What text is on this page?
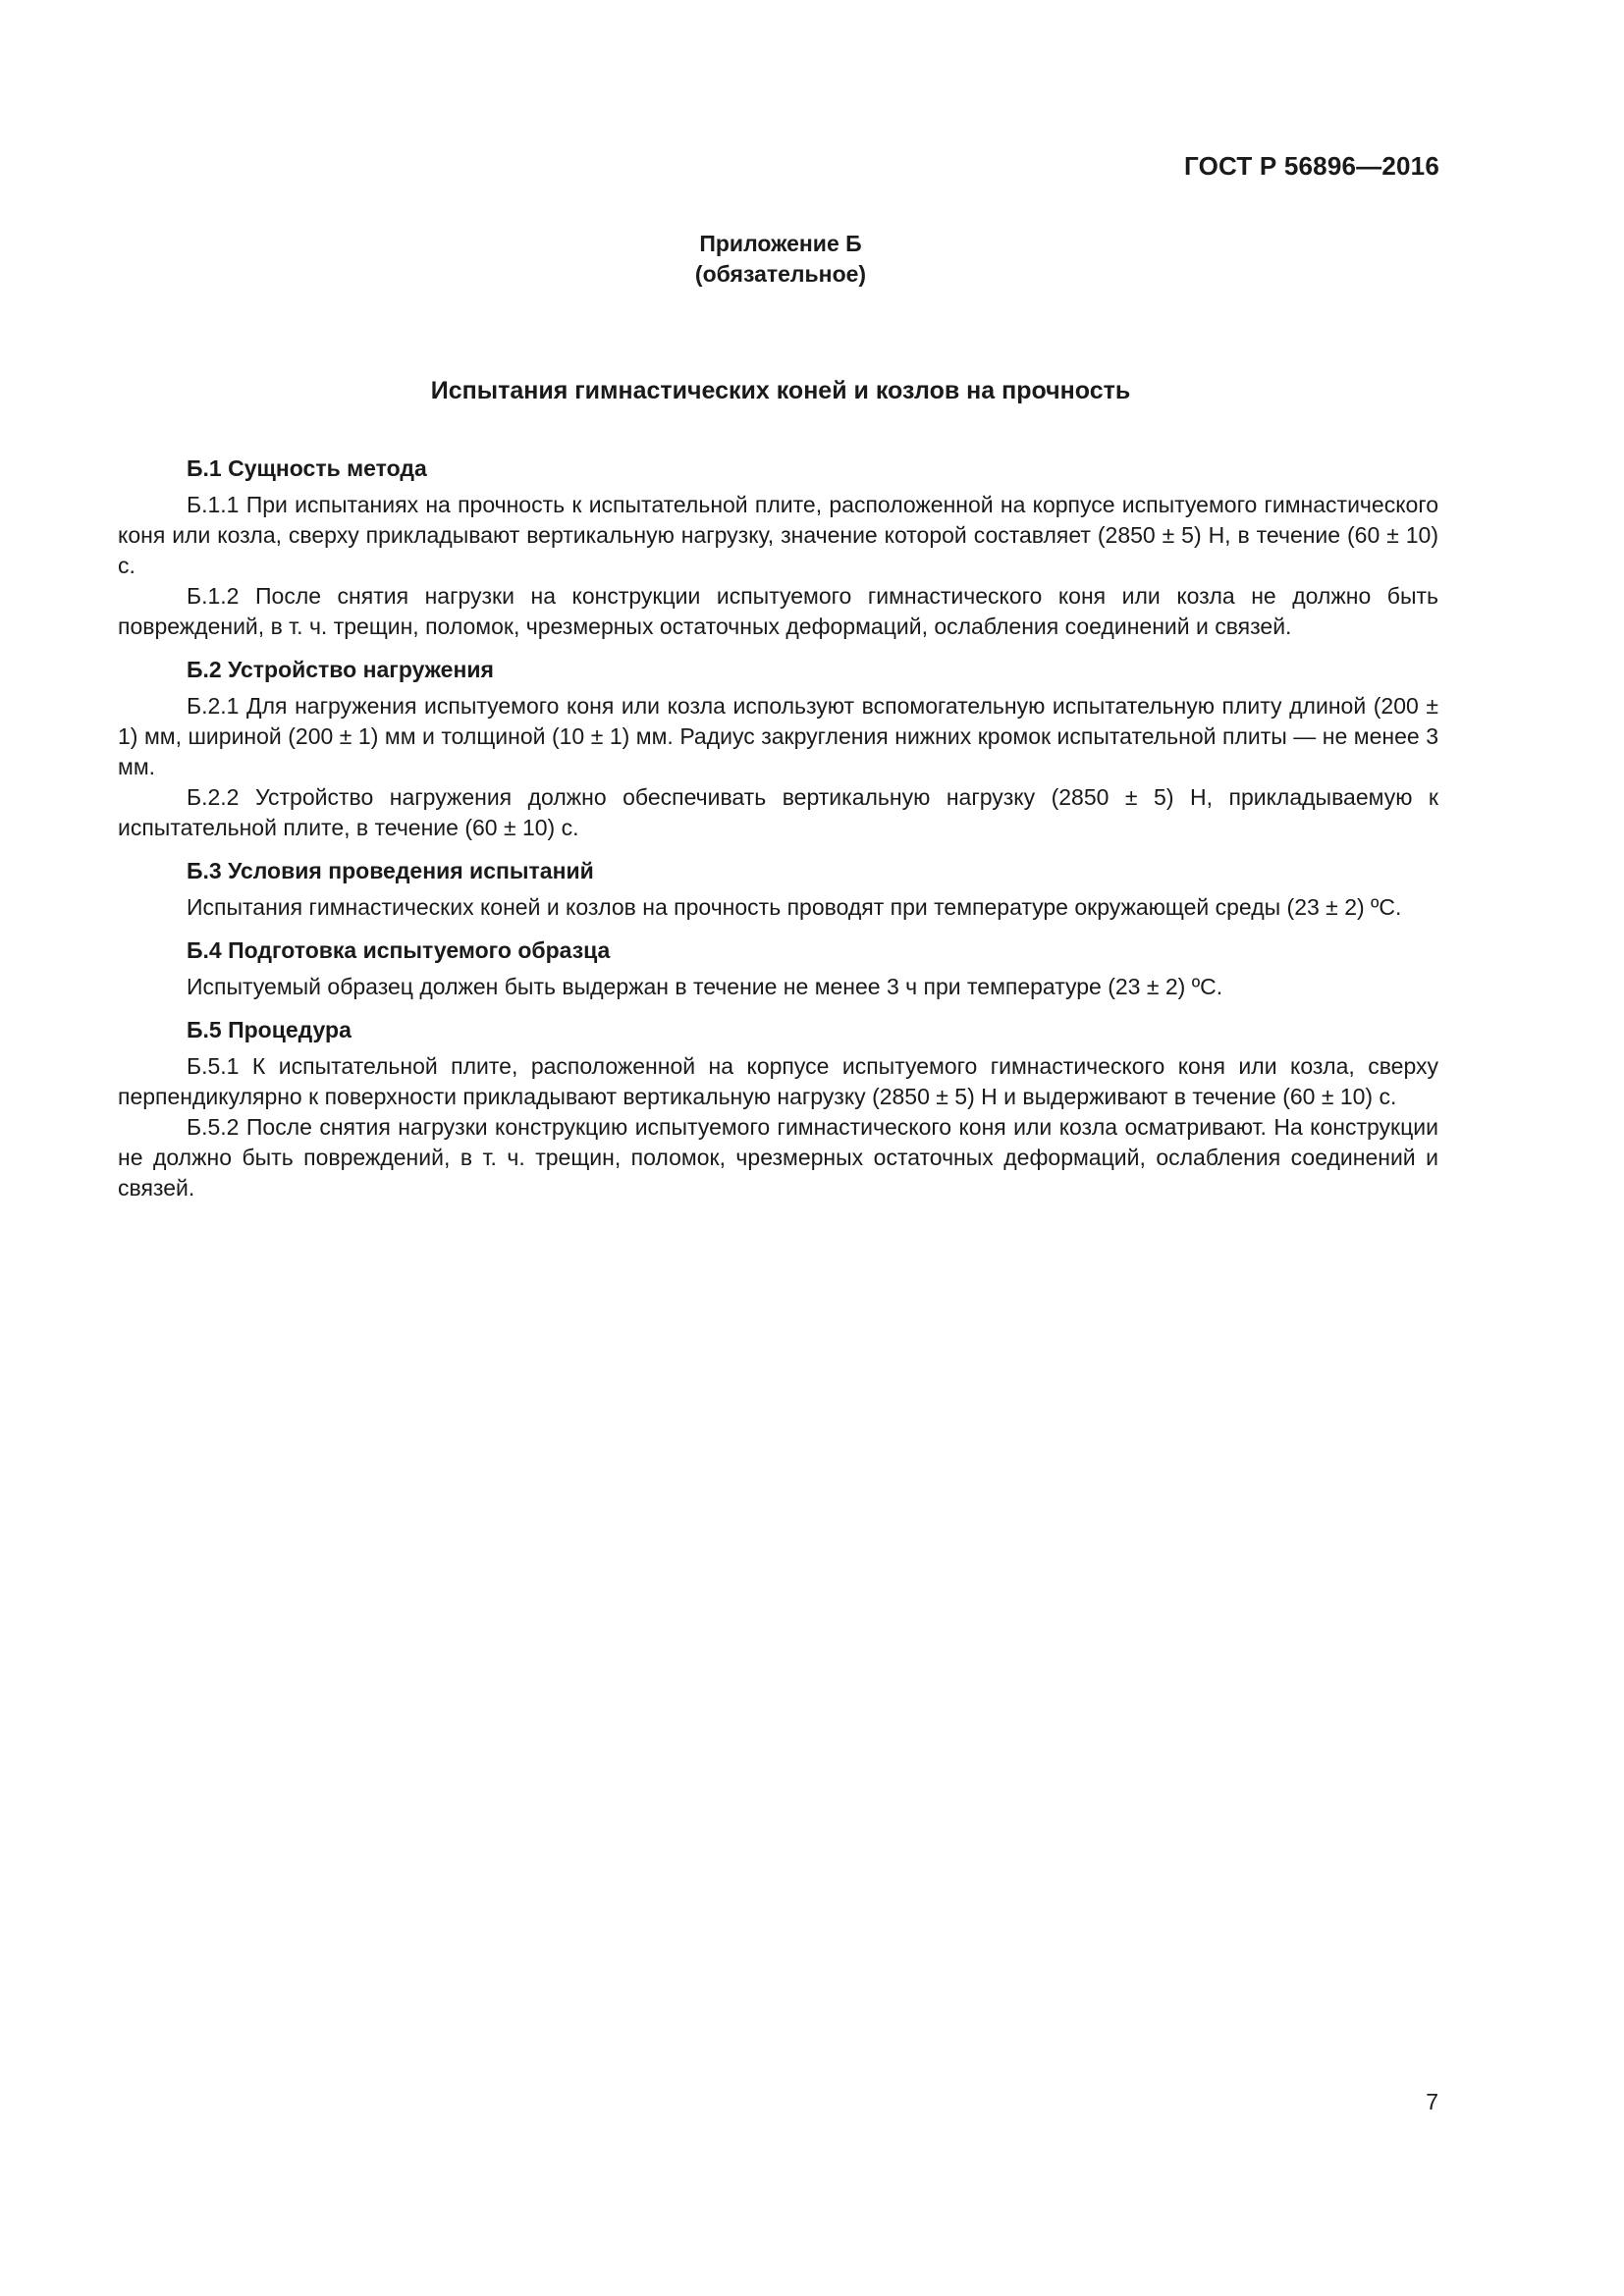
ГОСТ Р 56896—2016
Приложение Б
(обязательное)
Испытания гимнастических коней и козлов на прочность
Б.1 Сущность метода

Б.1.1 При испытаниях на прочность к испытательной плите, расположенной на корпусе испытуемого гимнастического коня или козла, сверху прикладывают вертикальную нагрузку, значение которой составляет (2850 ± 5) Н, в течение (60 ± 10) с.

Б.1.2 После снятия нагрузки на конструкции испытуемого гимнастического коня или козла не должно быть повреждений, в т. ч. трещин, поломок, чрезмерных остаточных деформаций, ослабления соединений и связей.

Б.2 Устройство нагружения

Б.2.1 Для нагружения испытуемого коня или козла используют вспомогательную испытательную плиту длиной (200 ± 1) мм, шириной (200 ± 1) мм и толщиной (10 ± 1) мм. Радиус закругления нижних кромок испытательной плиты — не менее 3 мм.

Б.2.2 Устройство нагружения должно обеспечивать вертикальную нагрузку (2850 ± 5) Н, прикладываемую к испытательной плите, в течение (60 ± 10) с.

Б.3 Условия проведения испытаний

Испытания гимнастических коней и козлов на прочность проводят при температуре окружающей среды (23 ± 2) ºС.

Б.4 Подготовка испытуемого образца

Испытуемый образец должен быть выдержан в течение не менее 3 ч при температуре (23 ± 2) ºС.

Б.5 Процедура

Б.5.1 К испытательной плите, расположенной на корпусе испытуемого гимнастического коня или козла, сверху перпендикулярно к поверхности прикладывают вертикальную нагрузку (2850 ± 5) Н и выдерживают в течение (60 ± 10) с.

Б.5.2 После снятия нагрузки конструкцию испытуемого гимнастического коня или козла осматривают. На конструкции не должно быть повреждений, в т. ч. трещин, поломок, чрезмерных остаточных деформаций, ослабления соединений и связей.

7
